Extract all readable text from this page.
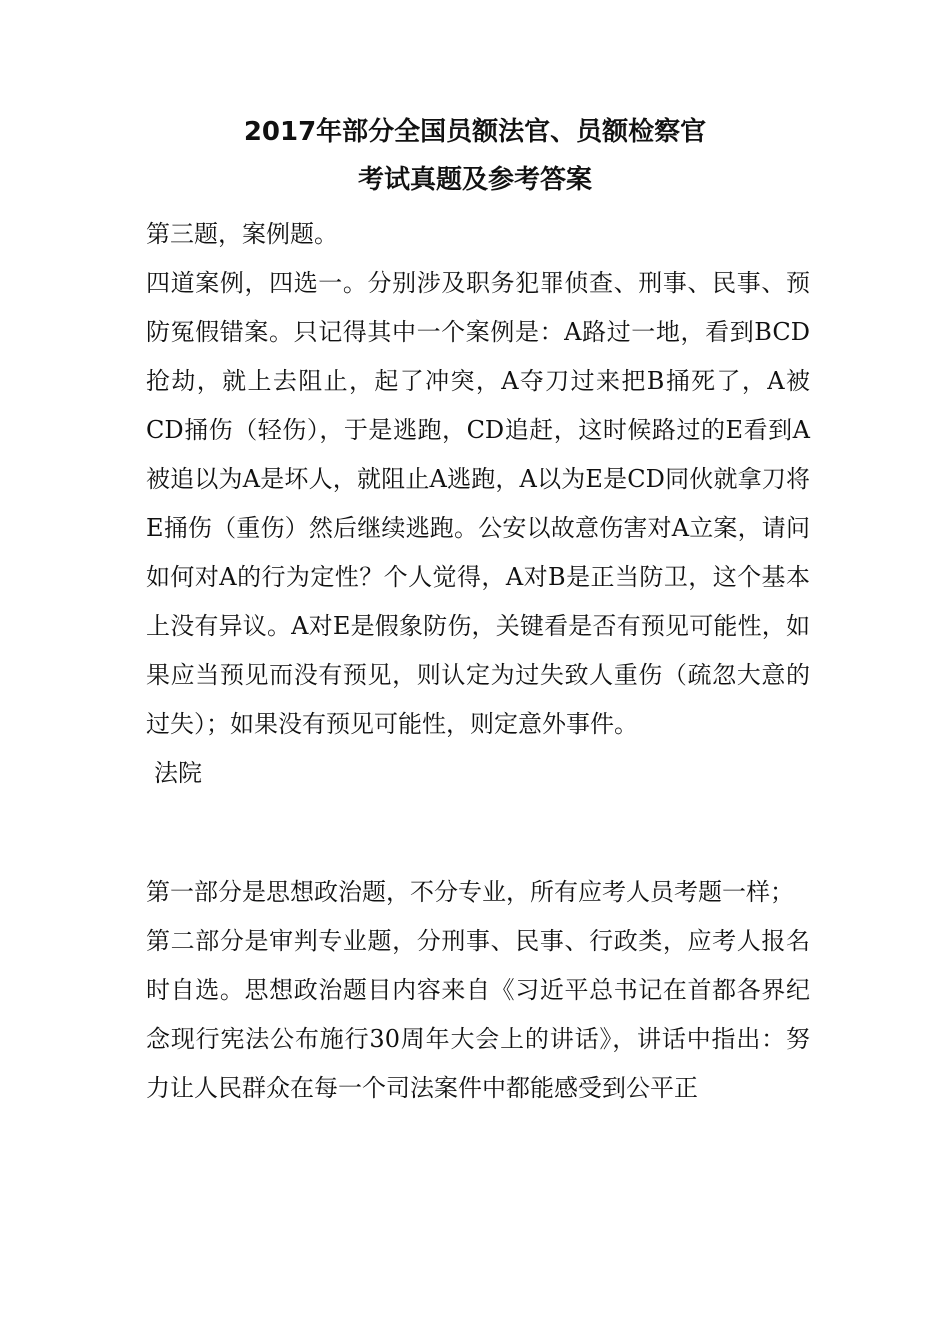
2017年部分全国员额法官、员额检察官
考试真题及参考答案

第三题，案例题。

四道案例，四选一。分别涉及职务犯罪侦查、刑事、民事、预防冤假错案。只记得其中一个案例是：A路过一地，看到BCD抢劫，就上去阻止，起了冲突，A夺刀过来把B捅死了，A被CD捅伤（轻伤），于是逃跑，CD追赶，这时候路过的E看到A被追以为A是坏人，就阻止A逃跑，A以为E是CD同伙就拿刀将E捅伤（重伤）然后继续逃跑。公安以故意伤害对A立案，请问如何对A的行为定性？个人觉得，A对B是正当防卫，这个基本上没有异议。A对E是假象防伤，关键看是否有预见可能性，如果应当预见而没有预见，则认定为过失致人重伤（疏忽大意的过失）；如果没有预见可能性，则定意外事件。

法院

第一部分是思想政治题，不分专业，所有应考人员考题一样；

第二部分是审判专业题，分刑事、民事、行政类，应考人报名时自选。思想政治题目内容来自《习近平总书记在首都各界纪念现行宪法公布施行30周年大会上的讲话》，讲话中指出：努力让人民群众在每一个司法案件中都能感受到公平正
